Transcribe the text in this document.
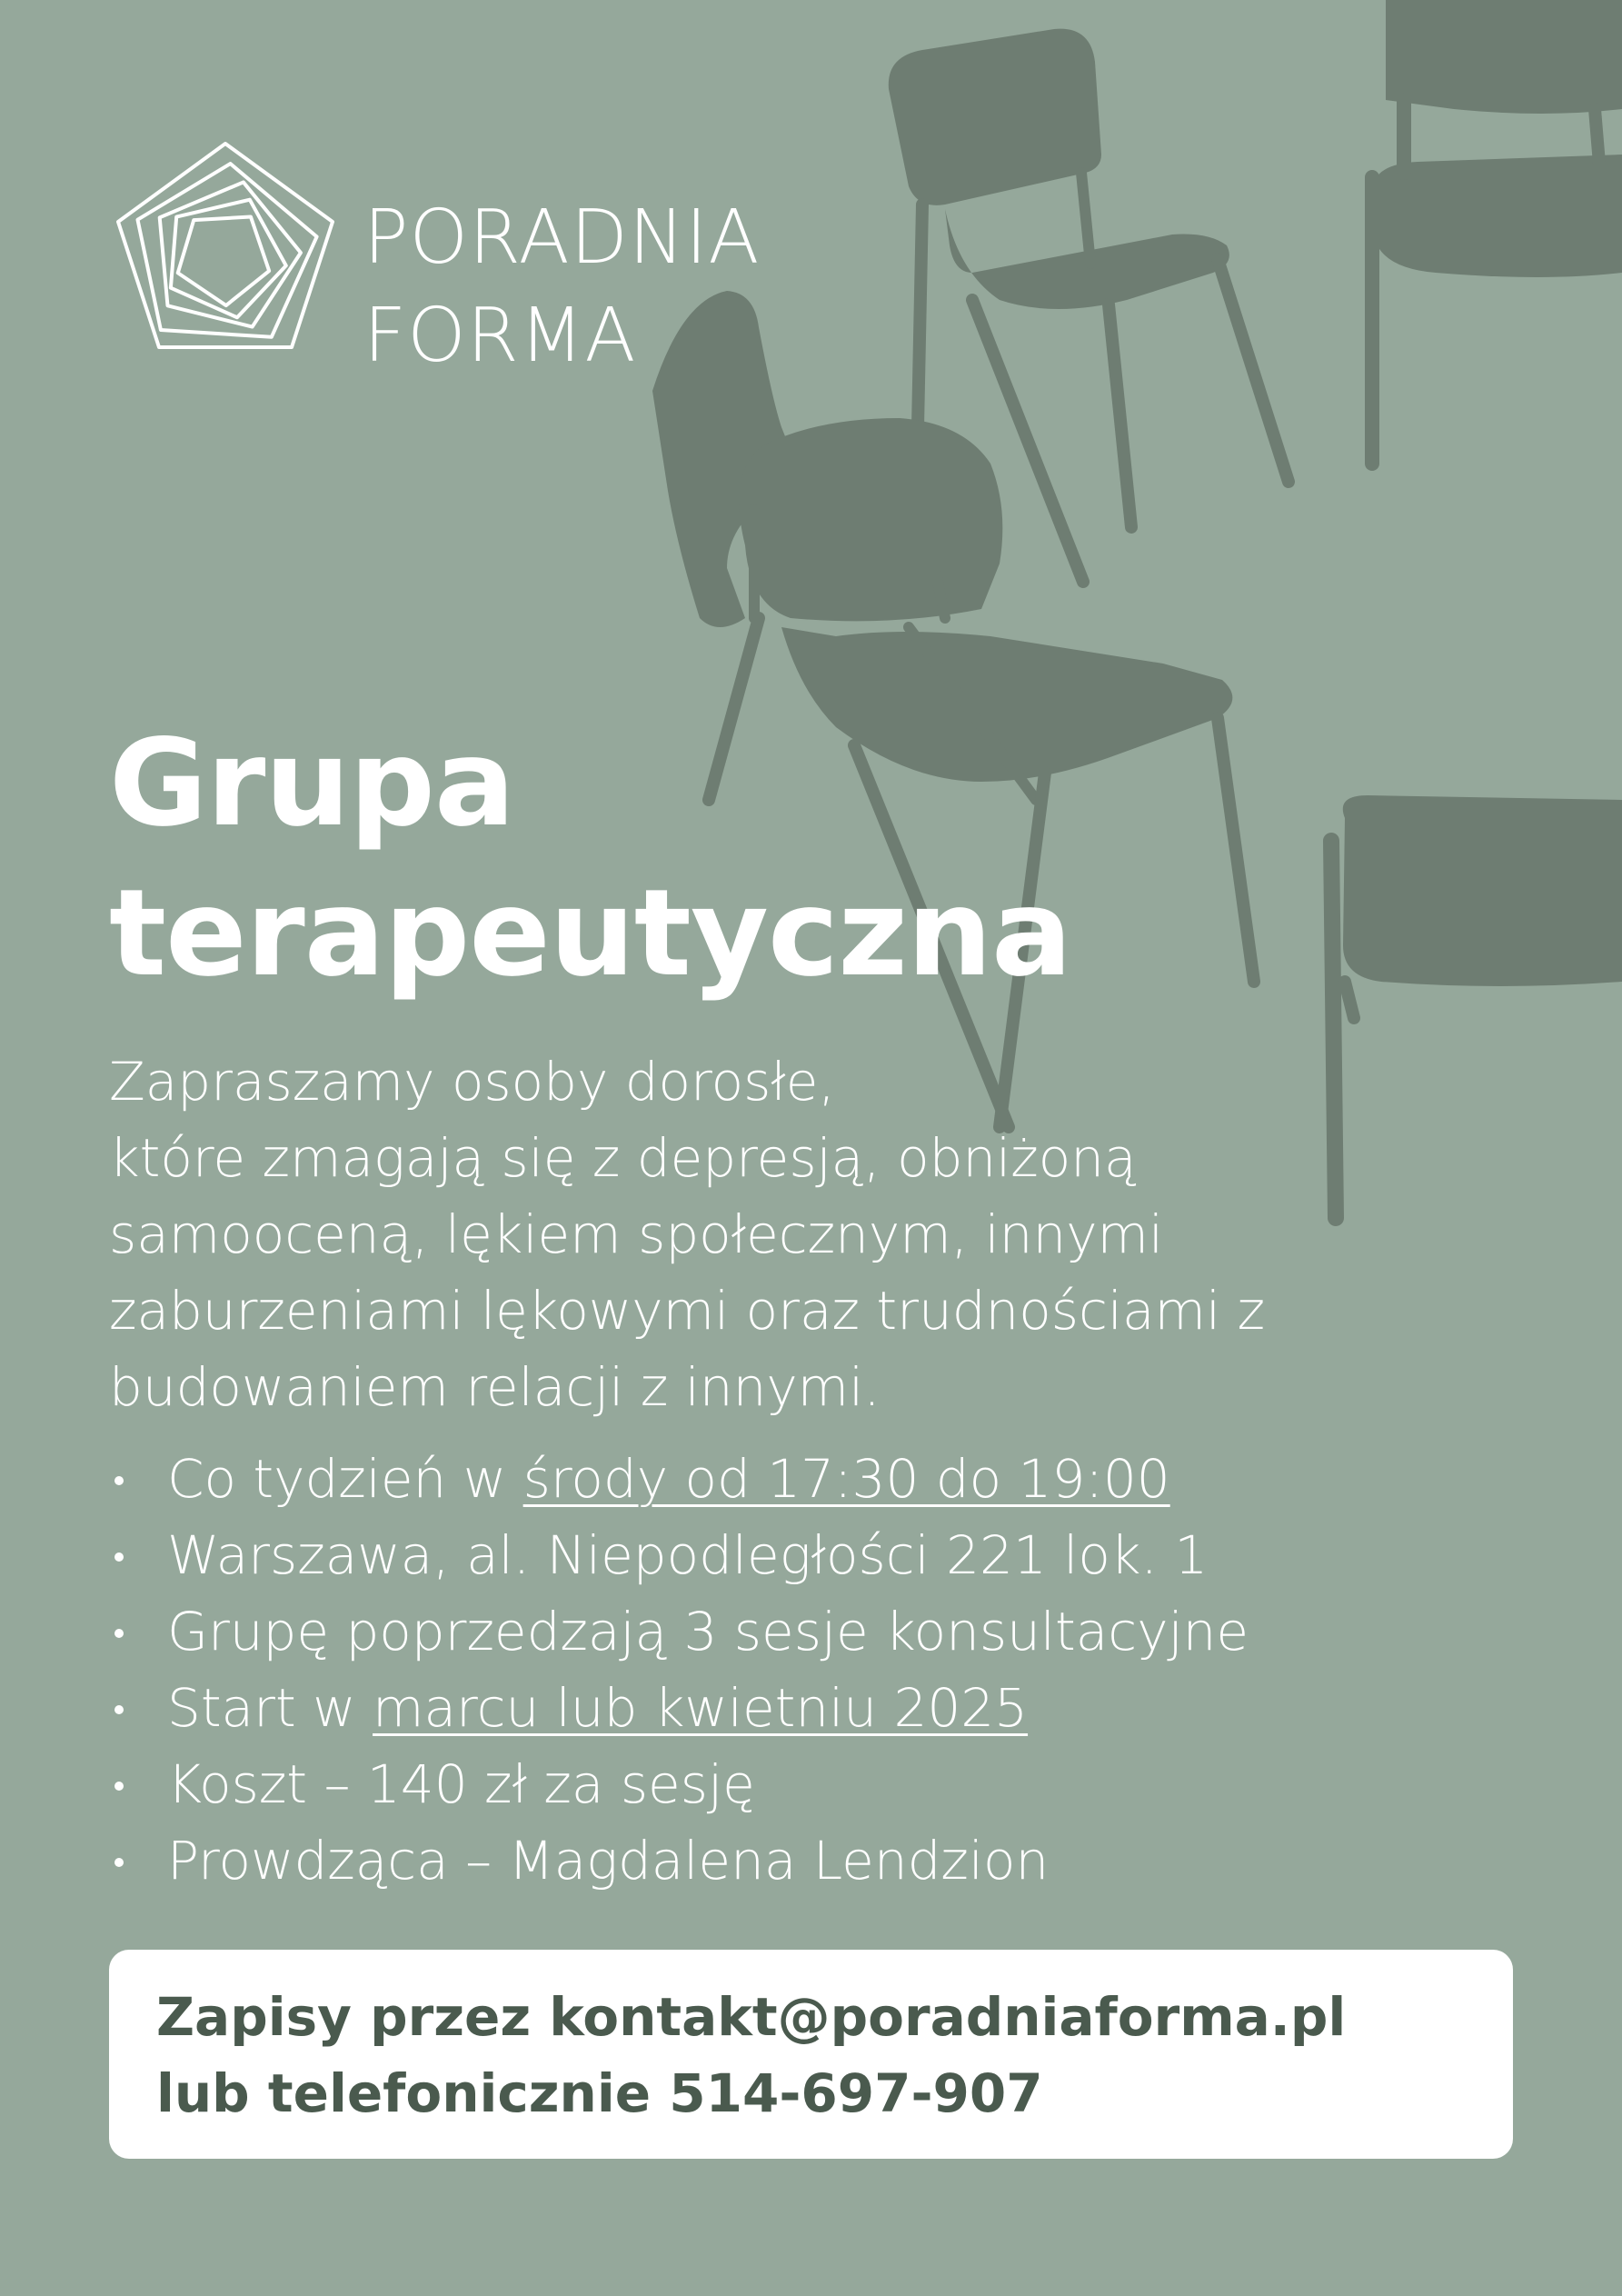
PORADNIA
FORMA
Grupa
terapeutyczna
Zapraszamy osoby dorosłe,
które zmagają się z depresją, obniżoną
samooceną, lękiem społecznym, innymi
zaburzeniami lękowymi oraz trudnościami z
budowaniem relacji z innymi.
Co tydzień w środy od 17:30 do 19:00
Warszawa, al. Niepodległości 221 lok. 1
Grupę poprzedzają 3 sesje konsultacyjne
Start w marcu lub kwietniu 2025
Koszt – 140 zł za sesję
Prowdząca – Magdalena Lendzion
Zapisy przez kontakt@poradniaforma.pl
lub telefonicznie 514-697-907
